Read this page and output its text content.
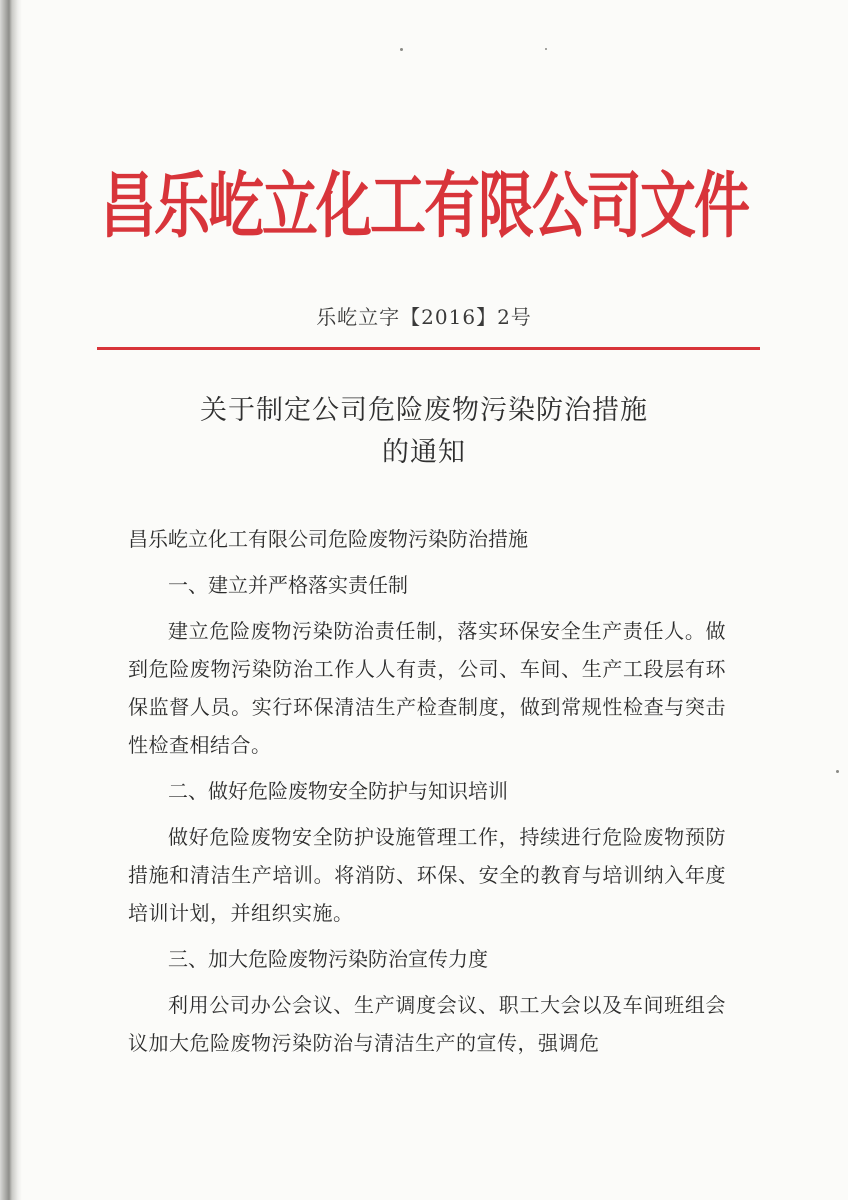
昌乐屹立化工有限公司文件
乐屹立字【2016】2号
关于制定公司危险废物污染防治措施
的通知

昌乐屹立化工有限公司危险废物污染防治措施

一、建立并严格落实责任制

建立危险废物污染防治责任制，落实环保安全生产责任人。做到危险废物污染防治工作人人有责，公司、车间、生产工段层有环保监督人员。实行环保清洁生产检查制度，做到常规性检查与突击性检查相结合。

二、做好危险废物安全防护与知识培训

做好危险废物安全防护设施管理工作，持续进行危险废物预防措施和清洁生产培训。将消防、环保、安全的教育与培训纳入年度培训计划，并组织实施。

三、加大危险废物污染防治宣传力度

利用公司办公会议、生产调度会议、职工大会以及车间班组会议加大危险废物污染防治与清洁生产的宣传，强调危
